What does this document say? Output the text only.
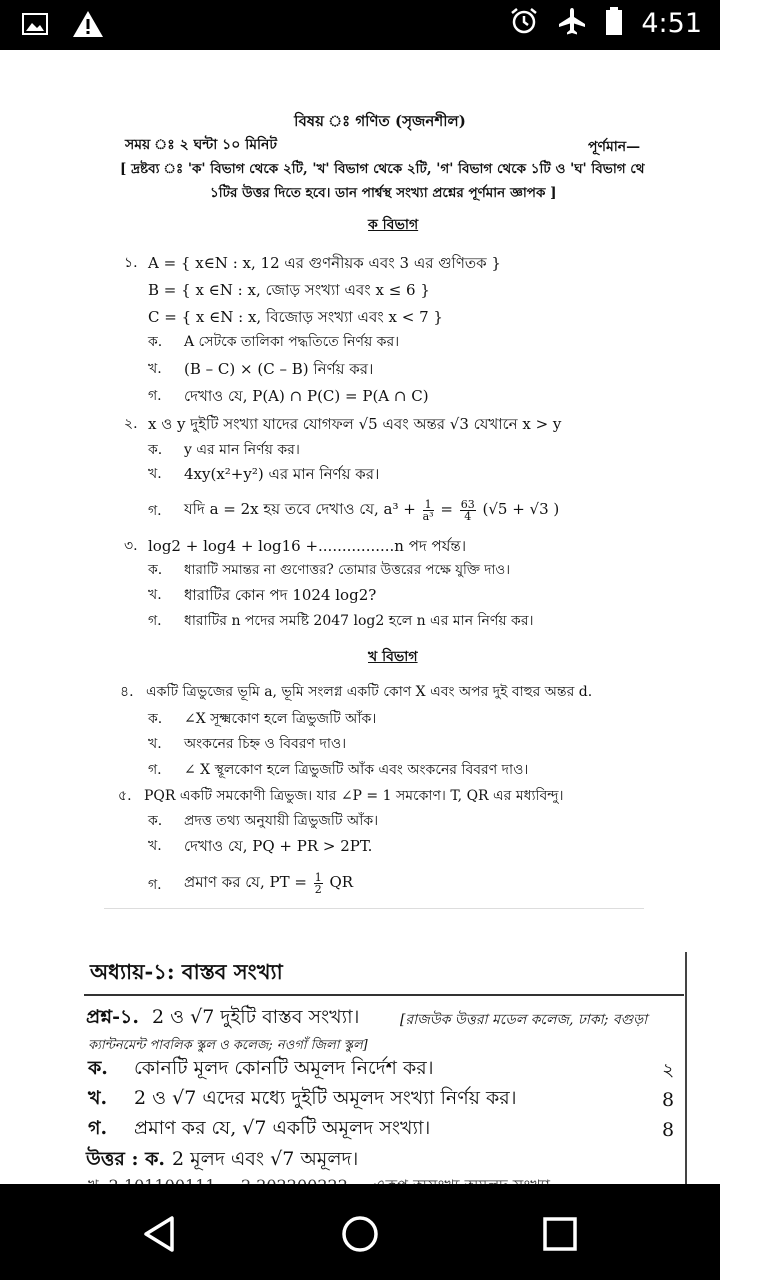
4:51
বিষয় ঃ গণিত (সৃজনশীল)
সময় ঃ ২ ঘন্টা ১০ মিনিট	পূর্ণমান—
[ দ্রষ্টব্য ঃ 'ক' বিভাগ থেকে ২টি, 'খ' বিভাগ থেকে ২টি, 'গ' বিভাগ থেকে ১টি ও 'ঘ' বিভাগ থে
১টির উত্তর দিতে হবে। ডান পার্শ্বস্থ সংখ্যা প্রশ্নের পূর্ণমান জ্ঞাপক ]
ক বিভাগ
১. A = { x∈N : x, 12 এর গুণনীয়ক এবং 3 এর গুণিতক }
B = { x ∈N : x, জোড় সংখ্যা এবং x ≤ 6 }
C = { x ∈N : x, বিজোড় সংখ্যা এবং x < 7 }
ক. A সেটকে তালিকা পদ্ধতিতে নির্ণয় কর।
খ. (B – C) × (C – B) নির্ণয় কর।
গ. দেখাও যে, P(A) ∩ P(C) = P(A ∩ C)
২. x ও y দুইটি সংখ্যা যাদের যোগফল √5 এবং অন্তর √3 যেখানে x > y
ক. y এর মান নির্ণয় কর।
খ. 4xy(x²+y²) এর মান নির্ণয় কর।
গ. যদি a = 2x হয় তবে দেখাও যে, $a^3 + \frac{1}{\text{a³}} = \frac{63}{4} (√5 + √3$ )
৩. log2 + log4 + log16 +................n পদ পর্যন্ত।
ক. ধারাটি সমান্তর না গুণোত্তর? তোমার উত্তরের পক্ষে যুক্তি দাও।
খ. ধারাটির কোন পদ 1024 log2?
গ. ধারাটির n পদের সমষ্টি 2047 log2 হলে n এর মান নির্ণয় কর।
খ বিভাগ
৪. একটি ত্রিভুজের ভূমি a, ভূমি সংলগ্ন একটি কোণ X এবং অপর দুই বাহুর অন্তর d.
ক. ∠X সূক্ষ্মকোণ হলে ত্রিভুজটি আঁক।
খ. অংকনের চিহ্ন ও বিবরণ দাও।
গ. ∠ X স্থূলকোণ হলে ত্রিভুজটি আঁক এবং অংকনের বিবরণ দাও।
৫. PQR একটি সমকোণী ত্রিভুজ। যার ∠P = 1 সমকোণ। T, QR এর মধ্যবিন্দু।
ক. প্রদত্ত তথ্য অনুযায়ী ত্রিভুজটি আঁক।
খ. দেখাও যে, PQ + PR > 2PT.
গ. প্রমাণ কর যে, PT = $\frac{1}{2}$ QR
অধ্যায়-১: বাস্তব সংখ্যা
প্রশ্ন-১. 2 ও √7 দুইটি বাস্তব সংখ্যা।	[রাজউক উত্তরা মডেল কলেজ, ঢাকা; বগুড়া
ক্যান্টনমেন্ট পাবলিক স্কুল ও কলেজ; নওগাঁ জিলা স্কুল]
ক. কোনটি মূলদ কোনটি অমূলদ নির্দেশ কর।	২
খ. 2 ও √7 এদের মধ্যে দুইটি অমূলদ সংখ্যা নির্ণয় কর।	8
গ. প্রমাণ কর যে, √7 একটি অমূলদ সংখ্যা।	8
উত্তর : ক. 2 মূলদ এবং √7 অমূলদ।
